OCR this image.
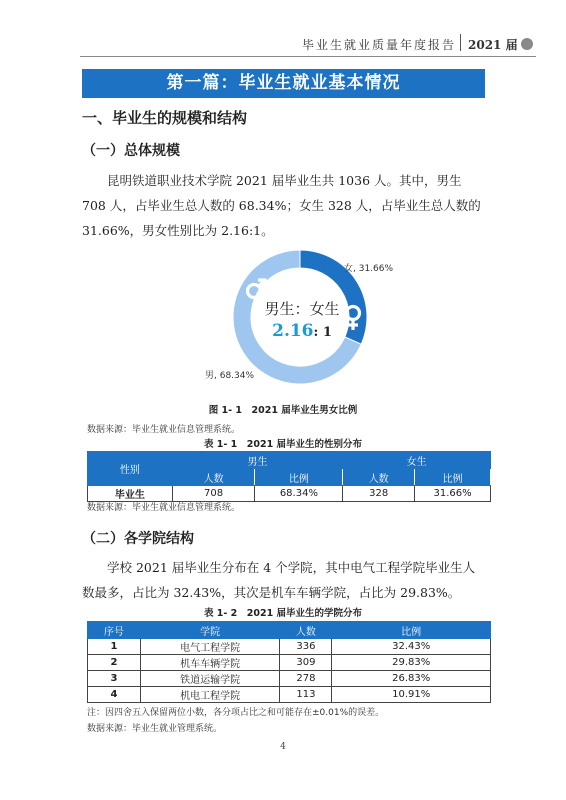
毕业生就业质量年度报告 2021 届
第一篇：毕业生就业基本情况
一、毕业生的规模和结构
（一）总体规模
昆明铁道职业技术学院 2021 届毕业生共 1036 人。其中，男生 708 人，占毕业生总人数的 68.34%；女生 328 人，占毕业生总人数的 31.66%，男女性别比为 2.16:1。
男生：女生
2.16: 1
女, 31.66%
男, 68.34%
图 1- 1　2021 届毕业生男女比例
数据来源：毕业生就业信息管理系统。
表 1- 1　2021 届毕业生的性别分布
性别	男生		女生	
	人数	比例	人数	比例
毕业生	708	68.34%	328	31.66%
数据来源：毕业生就业信息管理系统。
（二）各学院结构
学校 2021 届毕业生分布在 4 个学院，其中电气工程学院毕业生人数最多，占比为 32.43%，其次是机车车辆学院，占比为 29.83%。
表 1- 2　2021 届毕业生的学院分布
序号	学院	人数	比例
1	电气工程学院	336	32.43%
2	机车车辆学院	309	29.83%
3	铁道运输学院	278	26.83%
4	机电工程学院	113	10.91%
注：因四舍五入保留两位小数，各分项占比之和可能存在±0.01%的误差。
数据来源：毕业生就业管理系统。
4
